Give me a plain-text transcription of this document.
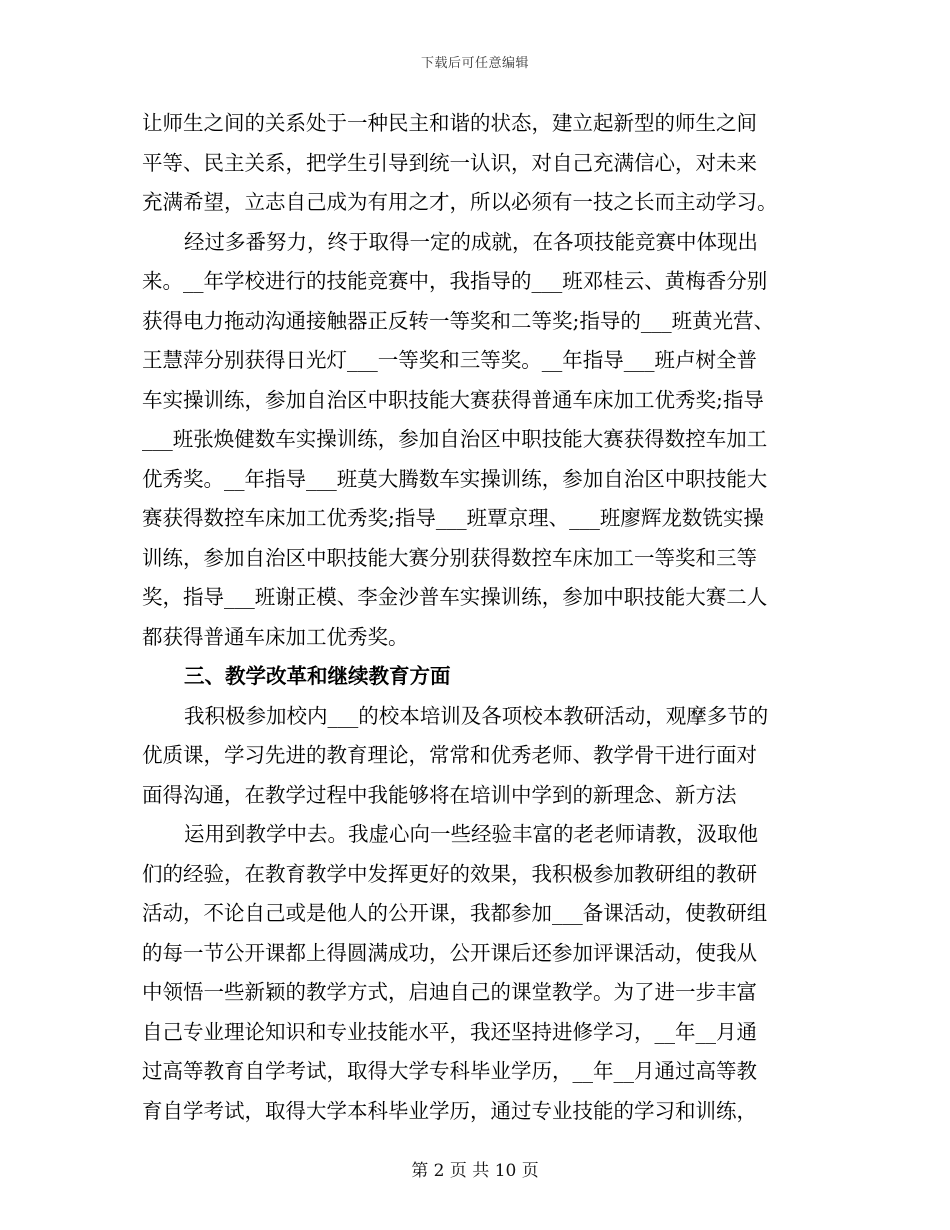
下载后可任意编辑
让师生之间的关系处于一种民主和谐的状态，建立起新型的师生之间
平等、民主关系，把学生引导到统一认识，对自己充满信心，对未来
充满希望，立志自己成为有用之才，所以必须有一技之长而主动学习。
经过多番努力，终于取得一定的成就，在各项技能竞赛中体现出
来。__年学校进行的技能竞赛中，我指导的___班邓桂云、黄梅香分别
获得电力拖动沟通接触器正反转一等奖和二等奖;指导的___班黄光营、
王慧萍分别获得日光灯___一等奖和三等奖。__年指导___班卢树全普
车实操训练，参加自治区中职技能大赛获得普通车床加工优秀奖;指导
___班张焕健数车实操训练，参加自治区中职技能大赛获得数控车加工
优秀奖。__年指导___班莫大腾数车实操训练，参加自治区中职技能大
赛获得数控车床加工优秀奖;指导___班覃京理、___班廖辉龙数铣实操
训练，参加自治区中职技能大赛分别获得数控车床加工一等奖和三等
奖，指导___班谢正模、李金沙普车实操训练，参加中职技能大赛二人
都获得普通车床加工优秀奖。
三、教学改革和继续教育方面
我积极参加校内___的校本培训及各项校本教研活动，观摩多节的
优质课，学习先进的教育理论，常常和优秀老师、教学骨干进行面对
面得沟通，在教学过程中我能够将在培训中学到的新理念、新方法
运用到教学中去。我虚心向一些经验丰富的老老师请教，汲取他
们的经验，在教育教学中发挥更好的效果，我积极参加教研组的教研
活动，不论自己或是他人的公开课，我都参加___备课活动，使教研组
的每一节公开课都上得圆满成功，公开课后还参加评课活动，使我从
中领悟一些新颖的教学方式，启迪自己的课堂教学。为了进一步丰富
自己专业理论知识和专业技能水平，我还坚持进修学习，__年__月通
过高等教育自学考试，取得大学专科毕业学历，__年__月通过高等教
育自学考试，取得大学本科毕业学历，通过专业技能的学习和训练，
第 2 页 共 10 页
